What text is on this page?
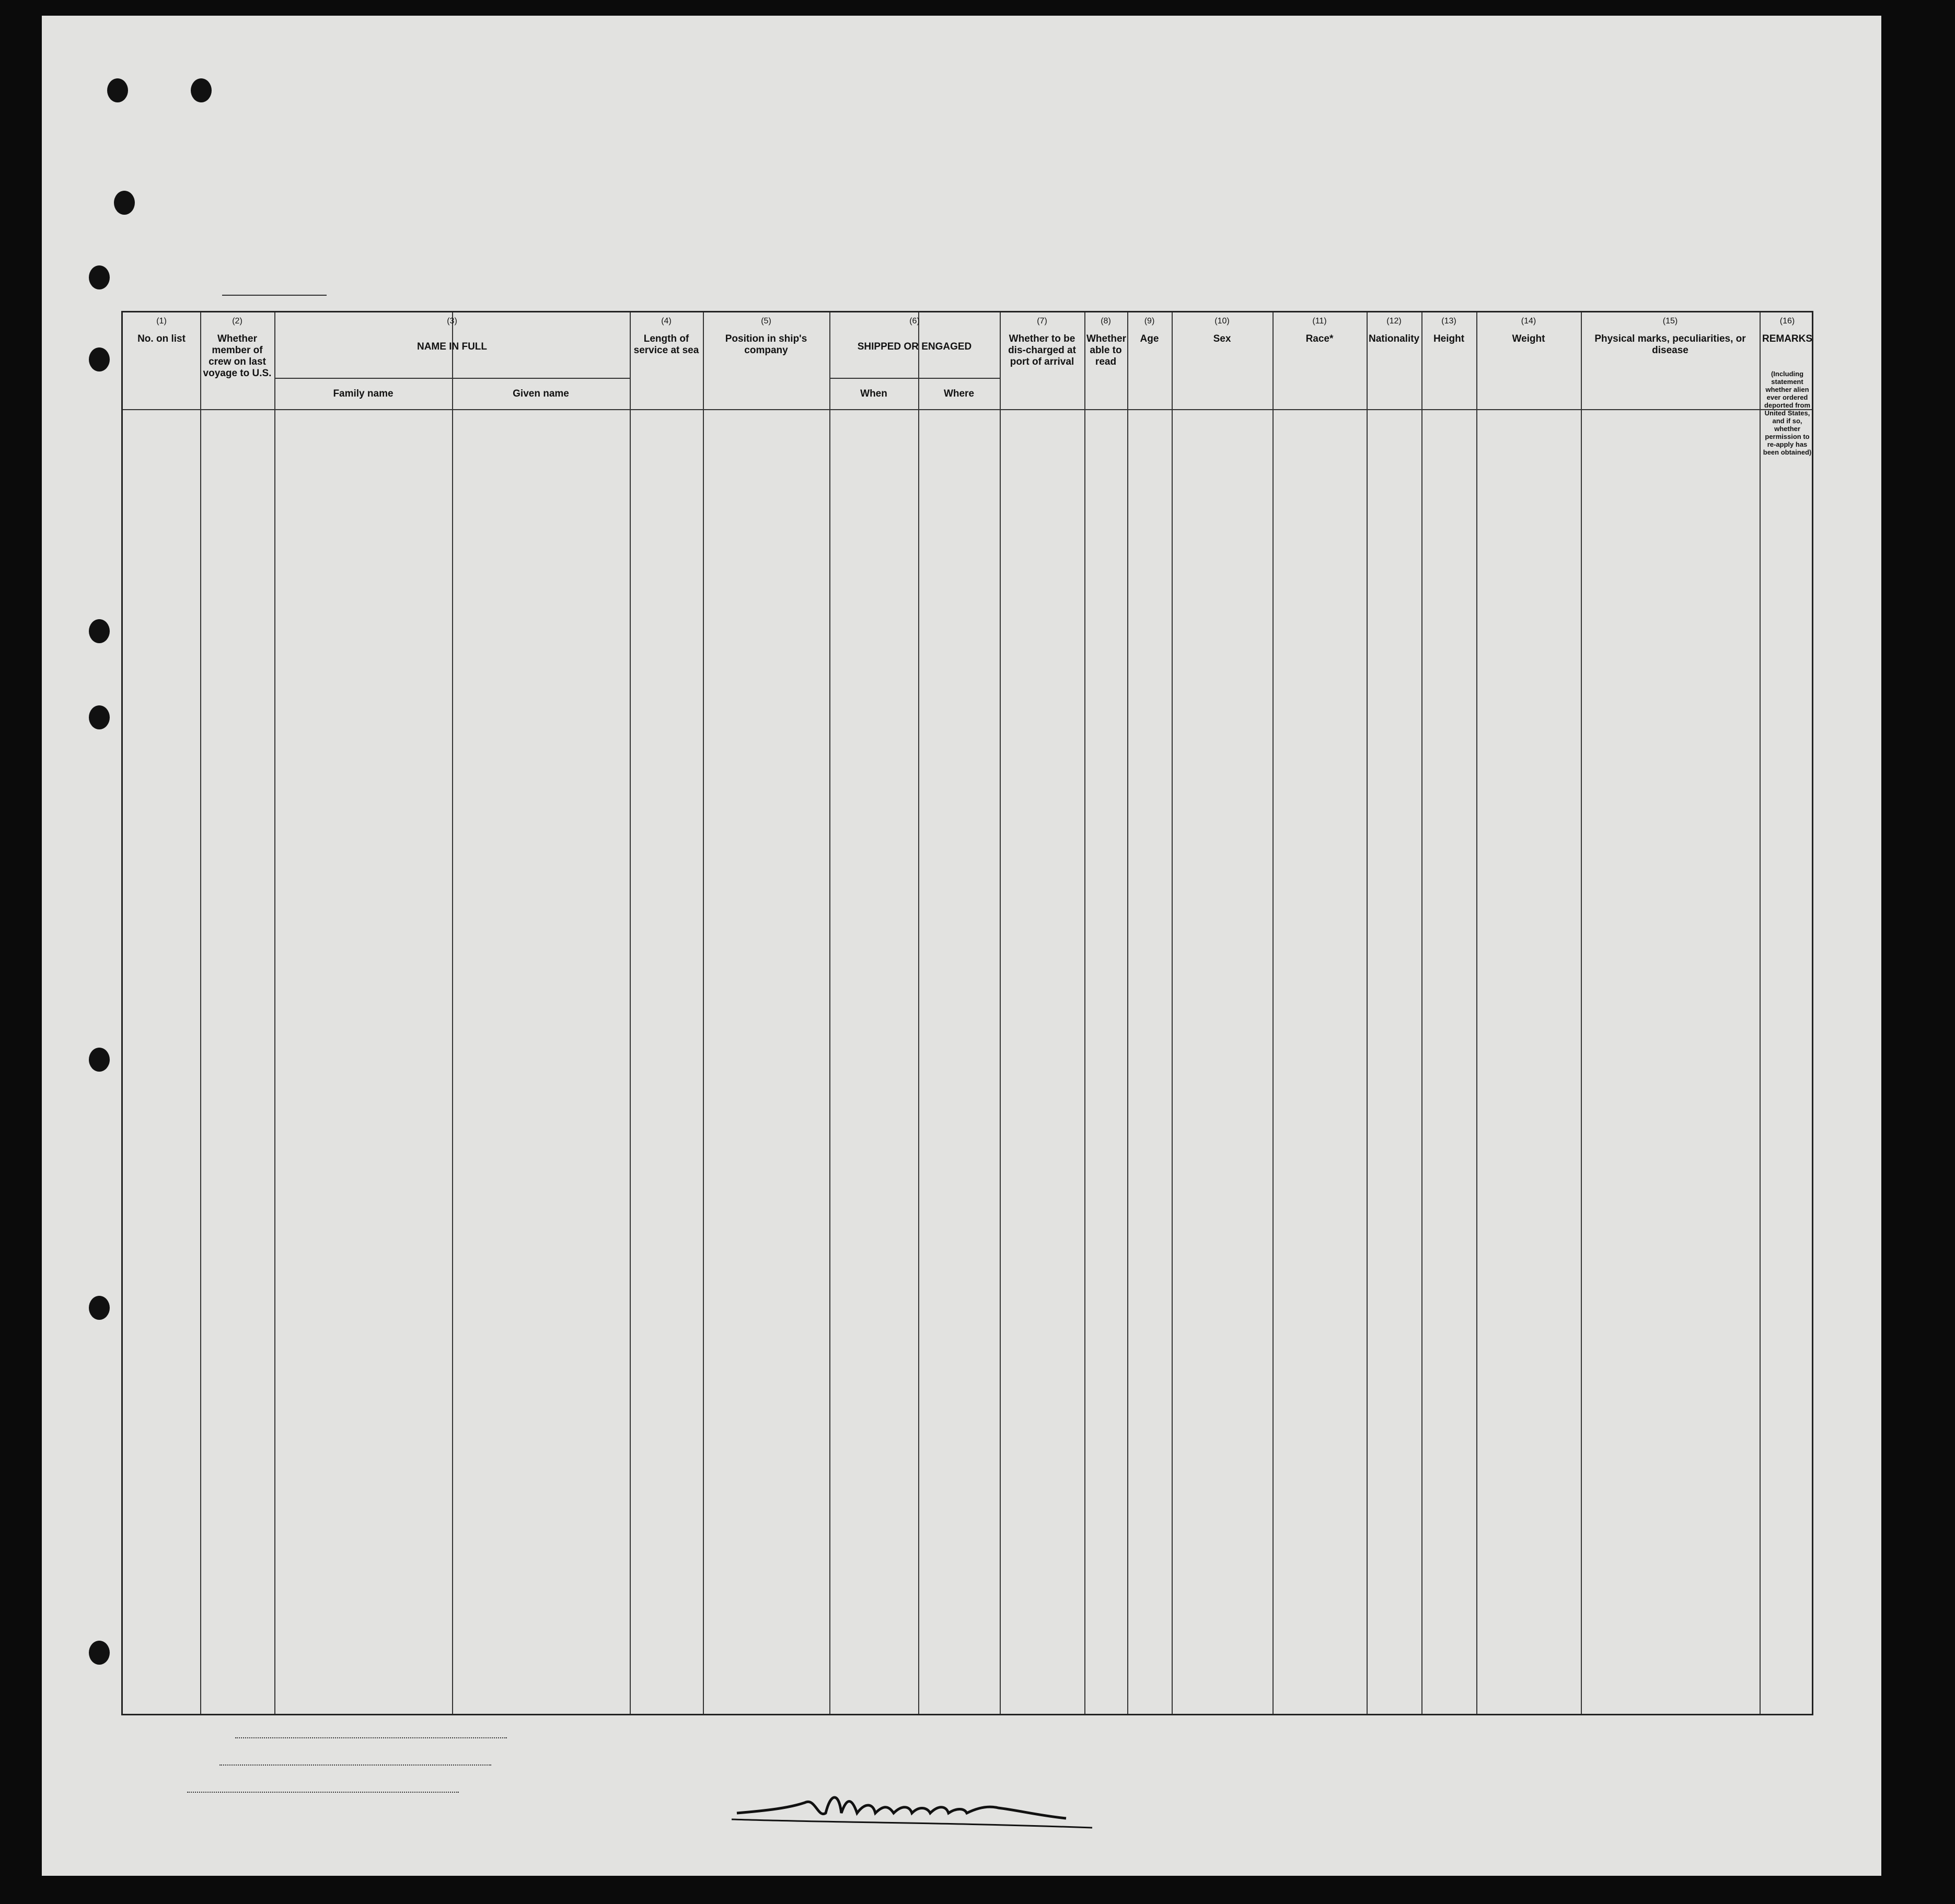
(1)
No. on list
(2)
Whether member of crew on last voyage to U.S.
(3)
NAME IN FULL
Family name	Given name
(4)
Length of service at sea
(5)
Position in ship's company
(6)
SHIPPED OR ENGAGED
When	Where
(7)
Whether to be dis-charged at port of arrival
(8)
Whether able to read
(9)
Age
(10)
Sex
(11)
Race*
(12)
Nationality
(13)
Height
(14)
Weight
(15)
Physical marks, peculiarities, or disease
(16)
REMARKS
(Including statement whether alien ever ordered deported from United States, and if so, whether permission to re-apply has been obtained)
